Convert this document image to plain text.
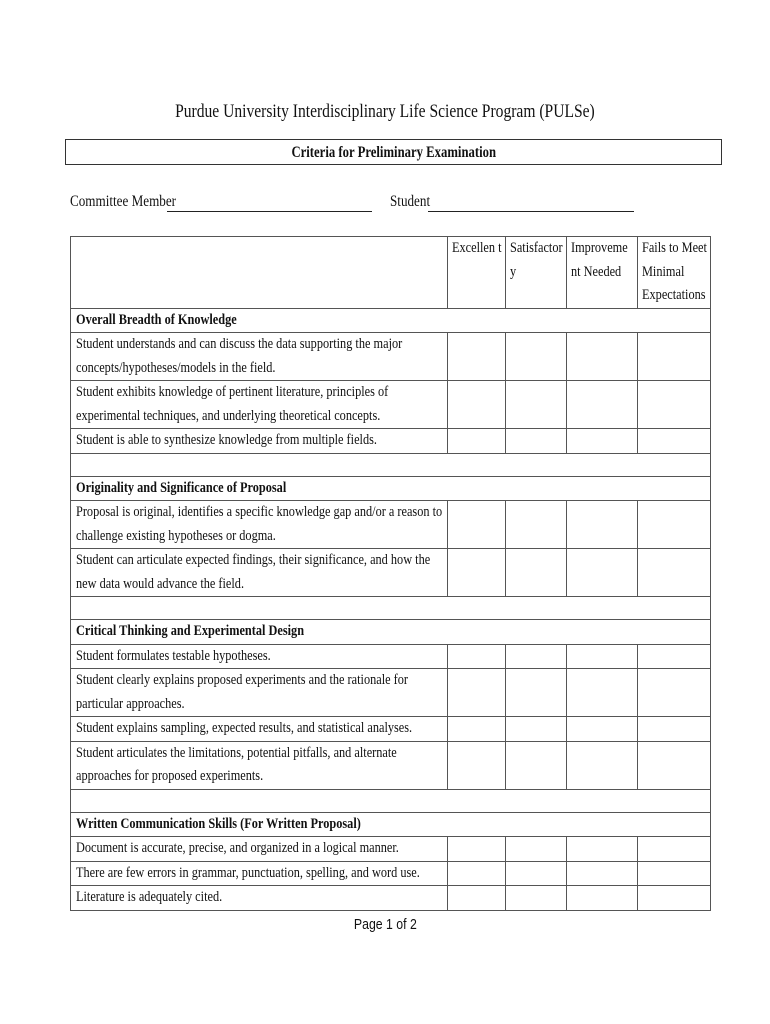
Purdue University Interdisciplinary Life Science Program (PULSe)
Criteria for Preliminary Examination
Committee Member	Student
	Excellen t	Satisfactor y	Improveme nt Needed	Fails to Meet Minimal Expectations
Overall Breadth of Knowledge				
Student understands and can discuss the data supporting the major concepts/hypotheses/models in the field.				
Student exhibits knowledge of pertinent literature, principles of experimental techniques, and underlying theoretical concepts.				
Student is able to synthesize knowledge from multiple fields.				

Originality and Significance of Proposal				
Proposal is original, identifies a specific knowledge gap and/or a reason to challenge existing hypotheses or dogma.				
Student can articulate expected findings, their significance, and how the new data would advance the field.				

Critical Thinking and Experimental Design				
Student formulates testable hypotheses.				
Student clearly explains proposed experiments and the rationale for particular approaches.				
Student explains sampling, expected results, and statistical analyses.				
Student articulates the limitations, potential pitfalls, and alternate approaches for proposed experiments.				

Written Communication Skills (For Written Proposal)				
Document is accurate, precise, and organized in a logical manner.				
There are few errors in grammar, punctuation, spelling, and word use.				
Literature is adequately cited.				
Page 1 of 2
